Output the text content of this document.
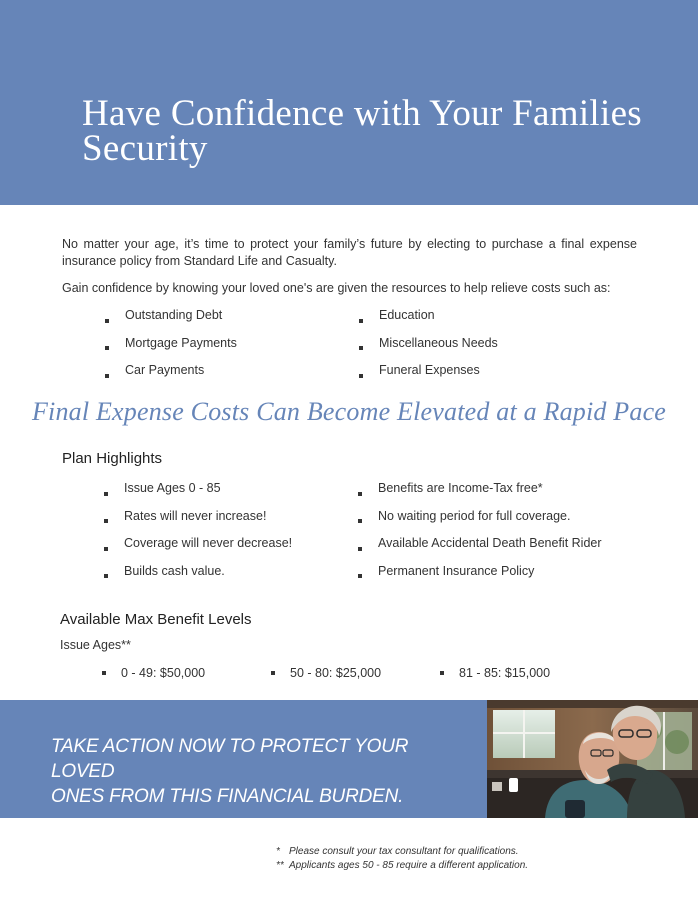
Have Confidence with Your Families Security

No matter your age, it’s time to protect your family’s future by electing to purchase a final expense insurance policy from Standard Life and Casualty.

Gain confidence by knowing your loved one's are given the resources to help relieve costs such as:

Outstanding Debt
Mortgage Payments
Car Payments
Education
Miscellaneous Needs
Funeral Expenses
Final Expense Costs Can Become Elevated at a Rapid Pace
Plan Highlights
Issue Ages 0 - 85
Rates will never increase!
Coverage will never decrease!
Builds cash value.
Benefits are Income-Tax free*
No waiting period for full coverage.
Available Accidental Death Benefit Rider
Permanent Insurance Policy
Available Max Benefit Levels
Issue Ages**
0 - 49: $50,000	50 - 80: $25,000	81 - 85: $15,000

TAKE ACTION NOW TO PROTECT YOUR LOVED
ONES FROM THIS FINANCIAL BURDEN.

* Please consult your tax consultant for qualifications.
** Applicants ages 50 - 85 require a different application.
